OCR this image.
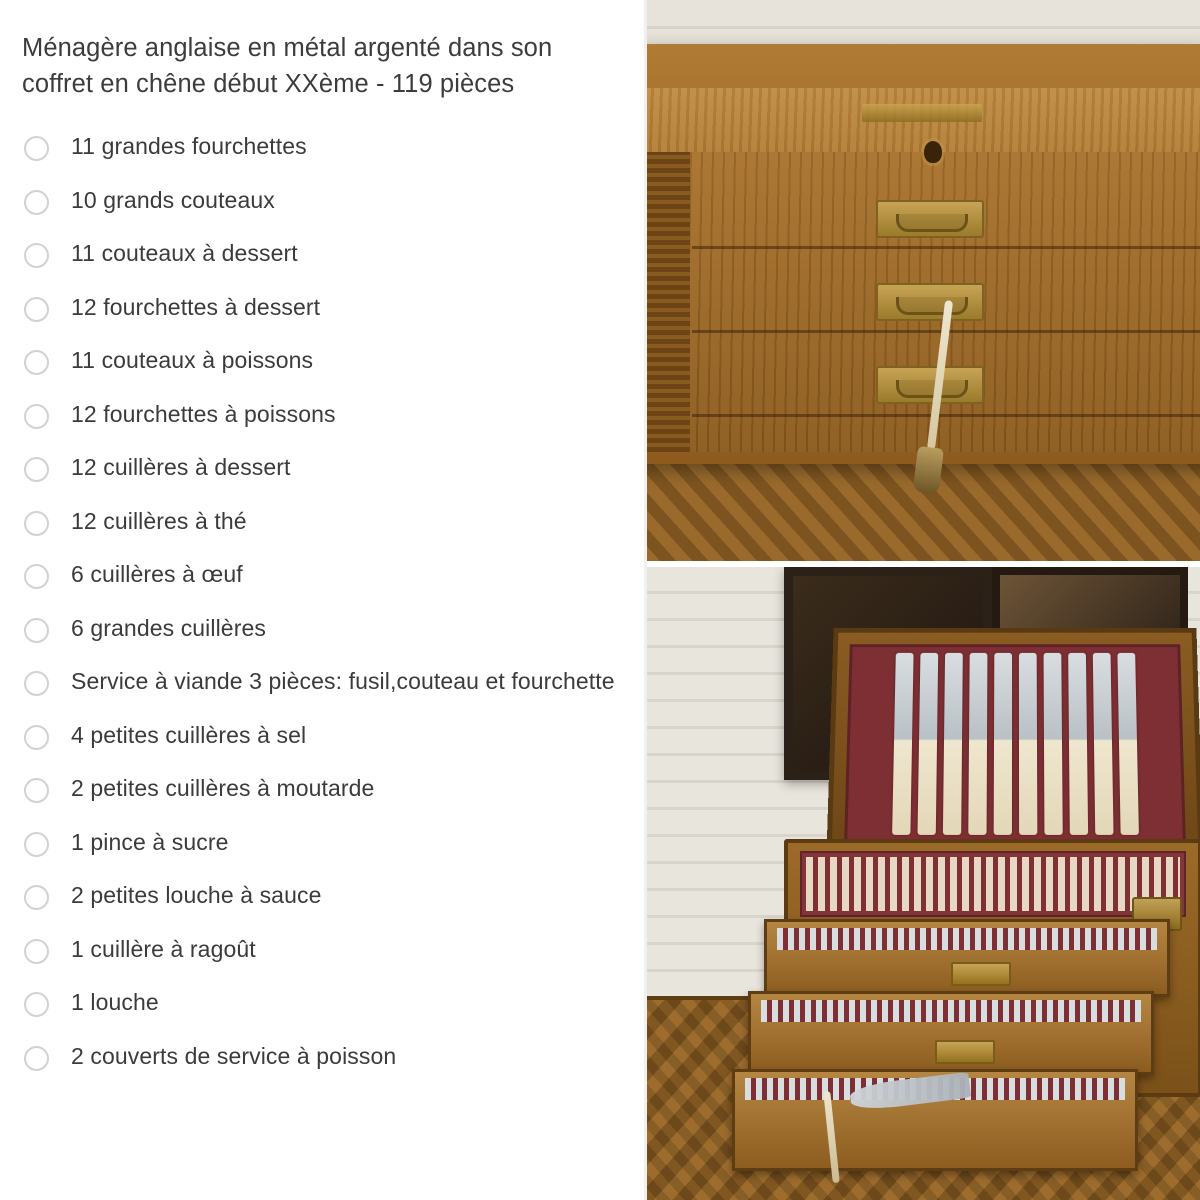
Ménagère anglaise en métal argenté dans son coffret en chêne début XXème - 119 pièces
11 grandes fourchettes
10 grands couteaux
11 couteaux à dessert
12 fourchettes à dessert
11 couteaux à poissons
12 fourchettes à poissons
12 cuillères à dessert
12 cuillères à thé
6 cuillères à œuf
6 grandes cuillères
Service à viande 3 pièces: fusil,couteau et fourchette
4 petites cuillères à sel
2 petites cuillères à moutarde
1 pince à sucre
2 petites louche à sauce
1 cuillère à ragoût
1 louche
2 couverts de service à poisson
